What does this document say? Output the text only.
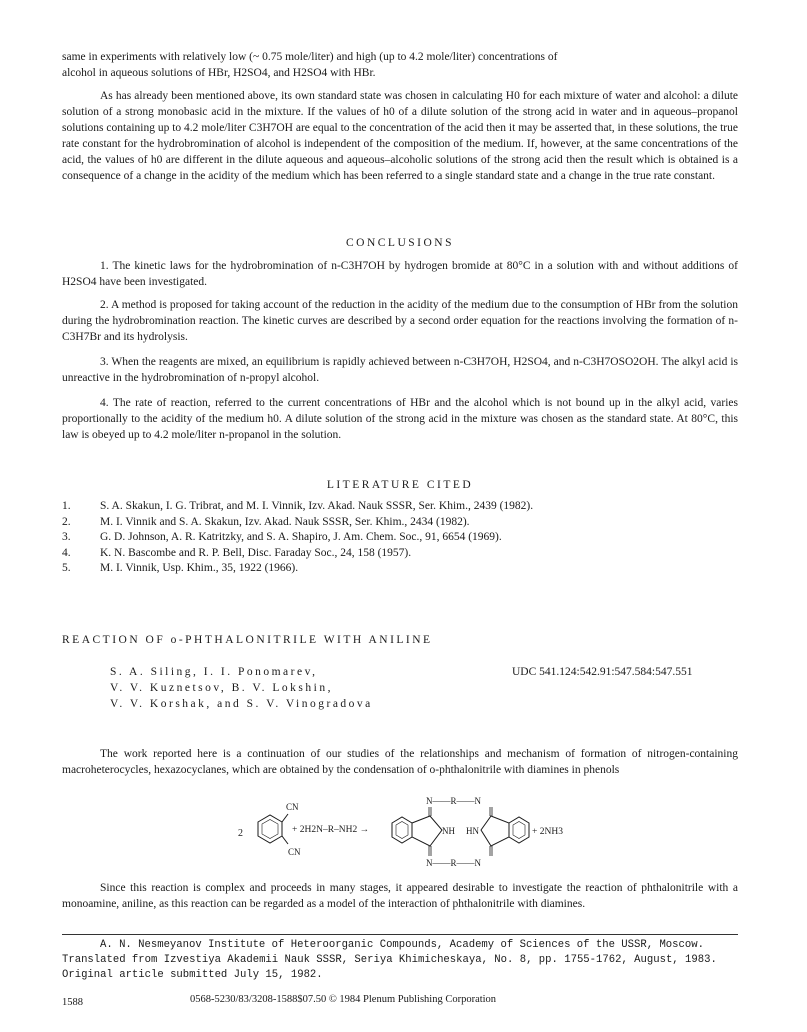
same in experiments with relatively low (~ 0.75 mole/liter) and high (up to 4.2 mole/liter) concentrations of
alcohol in aqueous solutions of HBr, H2SO4, and H2SO4 with HBr.

As has already been mentioned above, its own standard state was chosen in calculating H0 for each mixture of water and alcohol: a dilute solution of a strong monobasic acid in the mixture. If the values of h0 of a dilute solution of the strong acid in water and in aqueous–propanol solutions containing up to 4.2 mole/liter C3H7OH are equal to the concentration of the acid then it may be asserted that, in these solutions, the true rate constant for the hydrobromination of alcohol is independent of the composition of the medium. If, however, at the same concentrations of the acid, the values of h0 are different in the dilute aqueous and aqueous–alcoholic solutions of the strong acid then the result which is obtained is a consequence of a change in the acidity of the medium which has been referred to a single standard state and a change in the true rate constant.

CONCLUSIONS

1. The kinetic laws for the hydrobromination of n-C3H7OH by hydrogen bromide at 80°C in a solution with and without additions of H2SO4 have been investigated.

2. A method is proposed for taking account of the reduction in the acidity of the medium due to the consumption of HBr from the solution during the hydrobromination reaction. The kinetic curves are described by a second order equation for the reactions involving the formation of n-C3H7Br and its hydrolysis.

3. When the reagents are mixed, an equilibrium is rapidly achieved between n-C3H7OH, H2SO4, and n-C3H7OSO2OH. The alkyl acid is unreactive in the hydrobromination of n-propyl alcohol.

4. The rate of reaction, referred to the current concentrations of HBr and the alcohol which is not bound up in the alkyl acid, varies proportionally to the acidity of the medium h0. A dilute solution of the strong acid in the mixture was chosen as the standard state. At 80°C, this law is obeyed up to 4.2 mole/liter n-propanol in the solution.

LITERATURE CITED
1.	S. A. Skakun, I. G. Tribrat, and M. I. Vinnik, Izv. Akad. Nauk SSSR, Ser. Khim., 2439 (1982).
2.	M. I. Vinnik and S. A. Skakun, Izv. Akad. Nauk SSSR, Ser. Khim., 2434 (1982).
3.	G. D. Johnson, A. R. Katritzky, and S. A. Shapiro, J. Am. Chem. Soc., 91, 6654 (1969).
4.	K. N. Bascombe and R. P. Bell, Disc. Faraday Soc., 24, 158 (1957).
5.	M. I. Vinnik, Usp. Khim., 35, 1922 (1966).
REACTION OF o-PHTHALONITRILE WITH ANILINE
S. A. Siling, I. I. Ponomarev,
V. V. Kuznetsov, B. V. Lokshin,
V. V. Korshak, and S. V. Vinogradova
UDC 541.124:542.91:547.584:547.551

The work reported here is a continuation of our studies of the relationships and mechanism of formation of nitrogen-containing macroheterocycles, hexazocyclanes, which are obtained by the condensation of o-phthalonitrile with diamines in phenols

2
CN
CN
+ 2H2N–R–NH2 →
N——R——N
N——R——N
NH HN	+ 2NH3

Since this reaction is complex and proceeds in many stages, it appeared desirable to investigate the reaction of phthalonitrile with a monoamine, aniline, as this reaction can be regarded as a model of the interaction of phthalonitrile with diamines.

A. N. Nesmeyanov Institute of Heteroorganic Compounds, Academy of Sciences of the USSR, Moscow.
Translated from Izvestiya Akademii Nauk SSSR, Seriya Khimicheskaya, No. 8, pp. 1755-1762, August, 1983.
Original article submitted July 15, 1982.
1588	0568-5230/83/3208-1588$07.50 © 1984 Plenum Publishing Corporation
